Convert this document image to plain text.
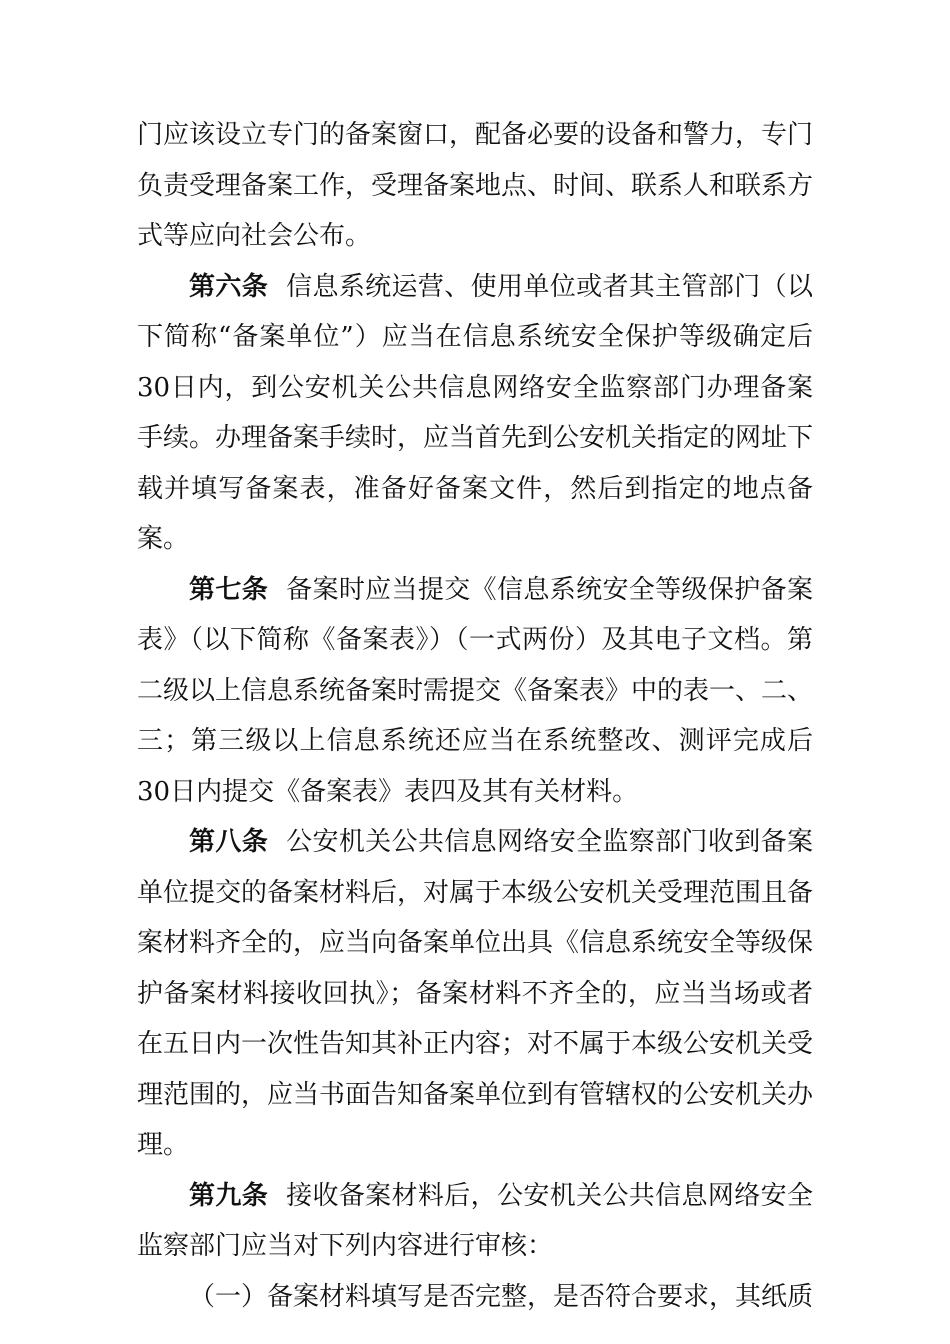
门应该设立专门的备案窗口，配备必要的设备和警力，专门负责受理备案工作，受理备案地点、时间、联系人和联系方式等应向社会公布。

第六条 信息系统运营、使用单位或者其主管部门（以下简称“备案单位”）应当在信息系统安全保护等级确定后30日内，到公安机关公共信息网络安全监察部门办理备案手续。办理备案手续时，应当首先到公安机关指定的网址下载并填写备案表，准备好备案文件，然后到指定的地点备案。

第七条 备案时应当提交《信息系统安全等级保护备案表》（以下简称《备案表》）（一式两份）及其电子文档。第二级以上信息系统备案时需提交《备案表》中的表一、二、三；第三级以上信息系统还应当在系统整改、测评完成后30日内提交《备案表》表四及其有关材料。

第八条 公安机关公共信息网络安全监察部门收到备案单位提交的备案材料后，对属于本级公安机关受理范围且备案材料齐全的，应当向备案单位出具《信息系统安全等级保护备案材料接收回执》；备案材料不齐全的，应当当场或者在五日内一次性告知其补正内容；对不属于本级公安机关受理范围的，应当书面告知备案单位到有管辖权的公安机关办理。

第九条 接收备案材料后，公安机关公共信息网络安全监察部门应当对下列内容进行审核：

（一）备案材料填写是否完整，是否符合要求，其纸质
